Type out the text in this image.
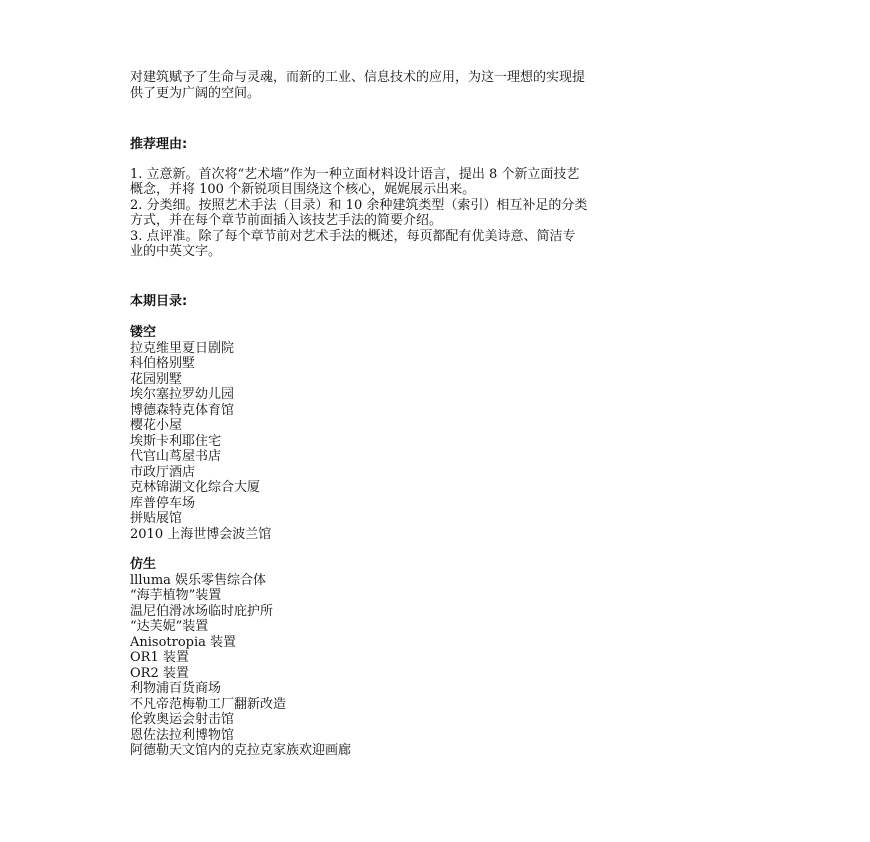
对建筑赋予了生命与灵魂，而新的工业、信息技术的应用，为这一理想的实现提

供了更为广阔的空间。

推荐理由:

1. 立意新。首次将“艺术墙”作为一种立面材料设计语言，提出 8 个新立面技艺

概念，并将 100 个新锐项目围绕这个核心，娓娓展示出来。

2. 分类细。按照艺术手法（目录）和 10 余种建筑类型（索引）相互补足的分类

方式，并在每个章节前面插入该技艺手法的简要介绍。

3. 点评准。除了每个章节前对艺术手法的概述，每页都配有优美诗意、简洁专

业的中英文字。

本期目录:
镂空
拉克维里夏日剧院
科伯格别墅
花园别墅
埃尔塞拉罗幼儿园
博德森特克体育馆
樱花小屋
埃斯卡利耶住宅
代官山茑屋书店
市政厅酒店
克林锦湖文化综合大厦
库普停车场
拼贴展馆
2010 上海世博会波兰馆
仿生
llluma 娱乐零售综合体
“海芋植物”装置
温尼伯滑冰场临时庇护所
“达芙妮”装置
Anisotropia 装置
OR1 装置
OR2 装置
利物浦百货商场
不凡帝范梅勒工厂翻新改造
伦敦奥运会射击馆
恩佐法拉利博物馆
阿德勒天文馆内的克拉克家族欢迎画廊
